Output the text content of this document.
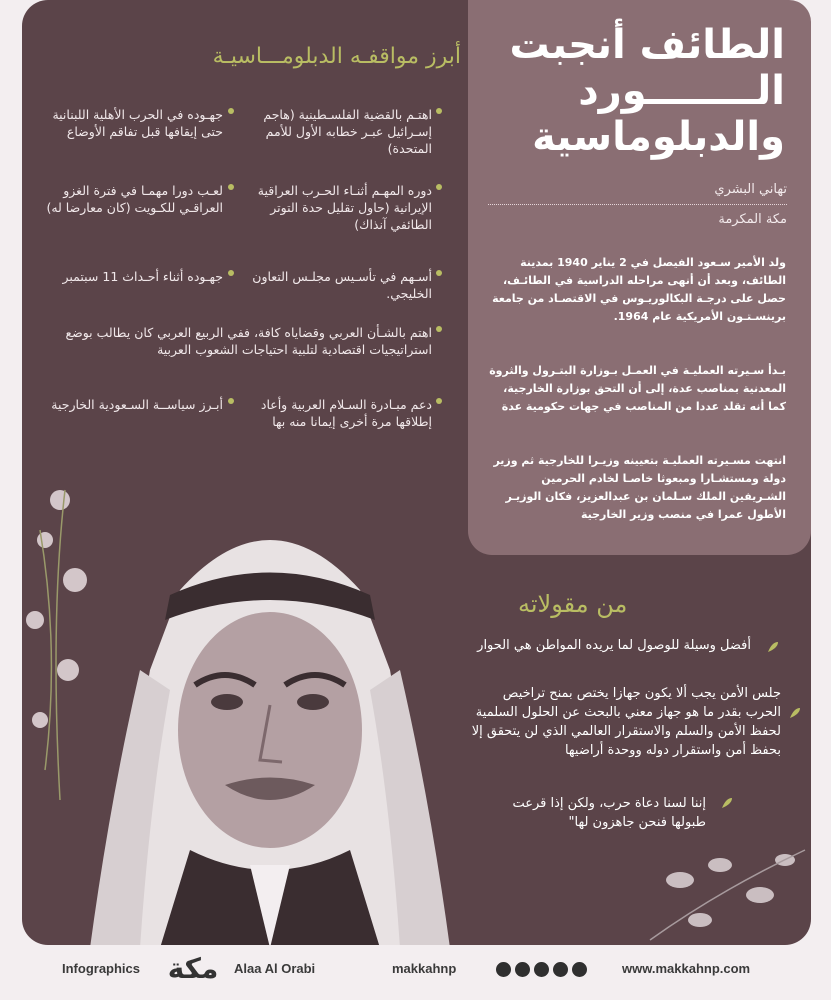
الطائف أنجبت
الــــــــورد
والدبلوماسية
تهاني البشري
مكة المكرمة
ولد الأمير سـعود الفيصل في 2 يناير 1940 بمدينة الطائف، وبعد أن أنهى مراحله الدراسية في الطائـف، حصل على درجـة البكالوريـوس في الاقتصـاد من جامعة برينسـتـون الأمريكية عام 1964.
بـدأ سـيرته العمليـة في العمـل بـوزارة البتـرول والثروة المعدنية بمناصب عدة، إلى أن التحق بوزارة الخارجية، كما أنه تقلد عددا من المناصب في جهات حكومية عدة
انتهت مسـيرته العمليـة بتعيينه وزيـرا للخارجية ثم وزير دولة ومستشـارا ومبعوثا خاصـا لخادم الحرمين الشـريفين الملك سـلمان بن عبدالعزيز، فكان الوزيـر الأطول عمرا في منصب وزير الخارجية
أبرز مواقفـه الدبلومـــاسيـة
اهتـم بالقضية الفلسـطينية (هاجم إسـرائيل عبـر خطابه الأول للأمم المتحدة)
جهـوده في الحرب الأهلية اللبنانية حتى إيقافها قبل تفاقم الأوضاع
دوره المهـم أثنـاء الحـرب العراقية الإيرانية (حاول تقليل حدة التوتر الطائفي آنذاك)
لعـب دورا مهمـا في فترة الغزو العراقـي للكـويت (كان معارضا له)
أسـهم في تأسـيس مجلـس التعاون الخليجي.
جهـوده أثناء أحـداث 11 سبتمبر
اهتم بالشـأن العربي وقضاياه كافة، ففي الربيع العربي كان يطالب بوضع استراتيجيات اقتصادية لتلبية احتياجات الشعوب العربية
دعم مبـادرة السـلام العربية وأعاد إطلاقها مرة أخرى إيمانا منه بها
أبـرز سياســة السـعودية الخارجية
من مقولاته
أفضل وسيلة للوصول لما يريده المواطن هي الحوار
جلس الأمن يجب ألا يكون جهازا يختص بمنح تراخيص
الحرب بقدر ما هو جهاز معني بالبحث عن الحلول السلمية
لحفظ الأمن والسلم والاستقرار العالمي الذي لن يتحقق إلا
بحفظ أمن واستقرار دوله ووحدة أراضيها
إننا لسنا دعاة حرب، ولكن إذا قرعت
طبولها فنحن جاهزون لها"
Infographics مكة	Alaa Al Orabi	makkahnp	www.makkahnp.com
